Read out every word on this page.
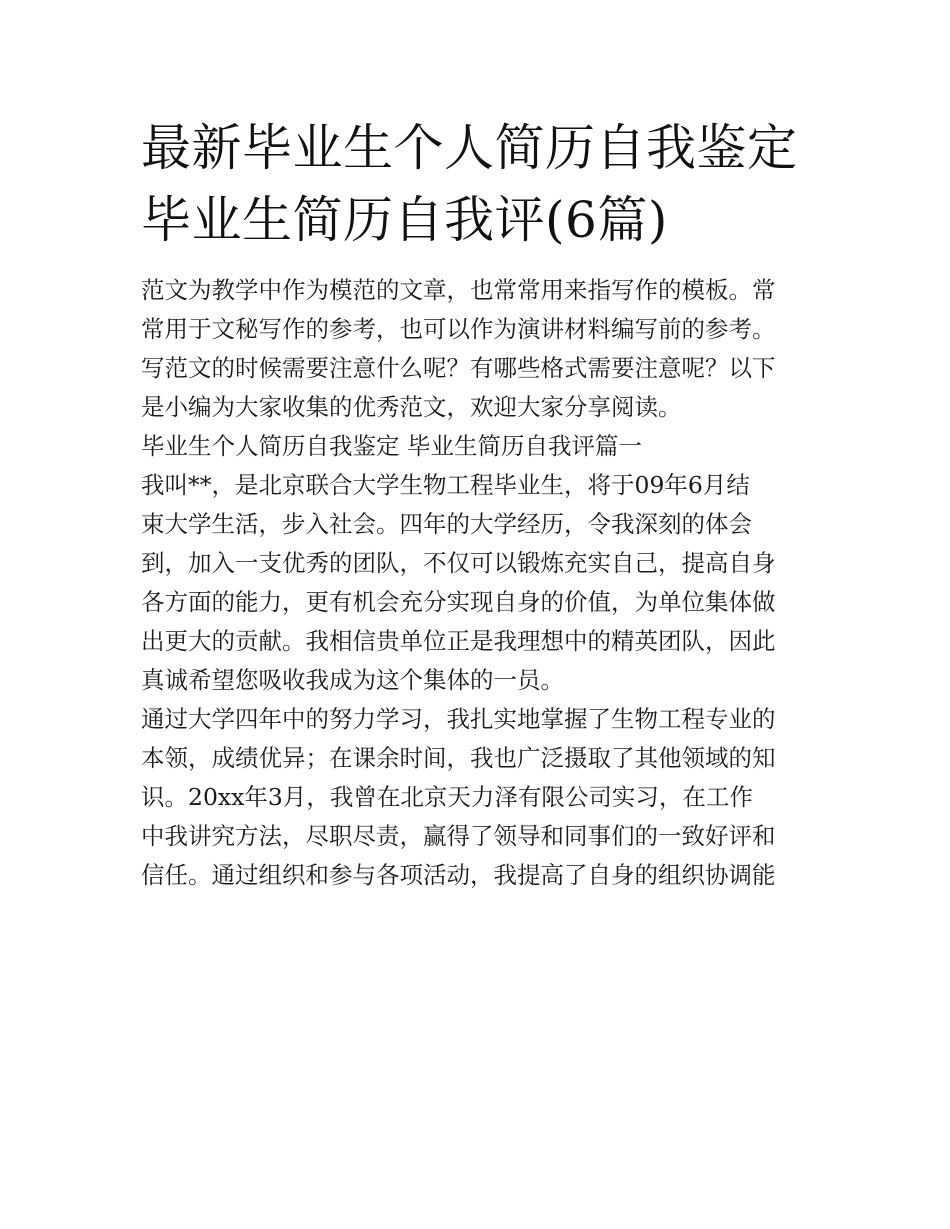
最新毕业生个人简历自我鉴定
毕业生简历自我评(6篇)
范文为教学中作为模范的文章，也常常用来指写作的模板。常
常用于文秘写作的参考，也可以作为演讲材料编写前的参考。
写范文的时候需要注意什么呢？有哪些格式需要注意呢？以下
是小编为大家收集的优秀范文，欢迎大家分享阅读。
毕业生个人简历自我鉴定 毕业生简历自我评篇一
我叫**，是北京联合大学生物工程毕业生，将于09年6月结
束大学生活，步入社会。四年的大学经历，令我深刻的体会
到，加入一支优秀的团队，不仅可以锻炼充实自己，提高自身
各方面的能力，更有机会充分实现自身的价值，为单位集体做
出更大的贡献。我相信贵单位正是我理想中的精英团队，因此
真诚希望您吸收我成为这个集体的一员。
通过大学四年中的努力学习，我扎实地掌握了生物工程专业的
本领，成绩优异；在课余时间，我也广泛摄取了其他领域的知
识。20xx年3月，我曾在北京天力泽有限公司实习，在工作
中我讲究方法，尽职尽责，赢得了领导和同事们的一致好评和
信任。通过组织和参与各项活动，我提高了自身的组织协调能
